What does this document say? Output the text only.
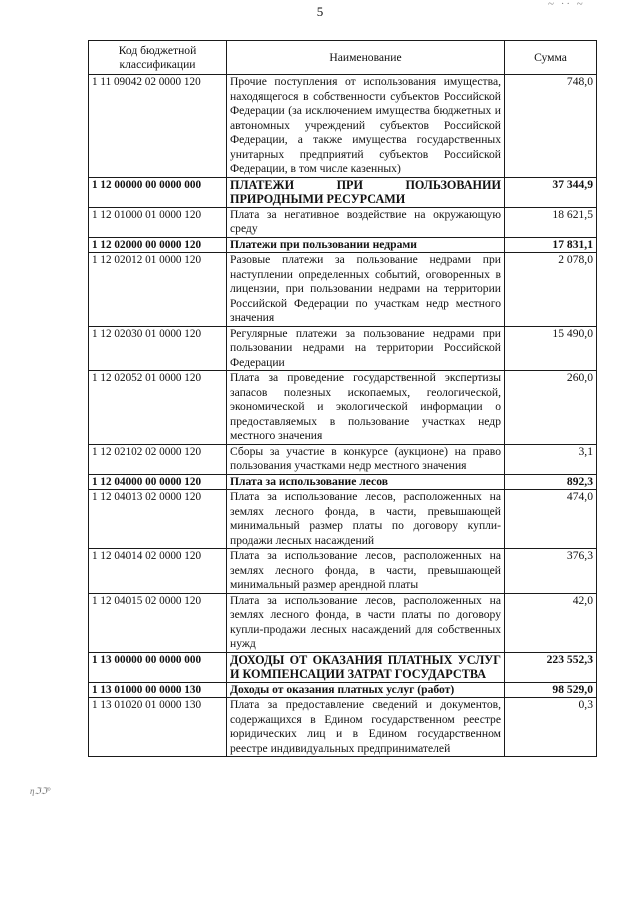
~ ·· ~
5
ηℑℑ°
Код бюджетной классификации	Наименование	Сумма
1 11 09042 02 0000 120	Прочие поступления от использования имущества, находящегося в собственности субъектов Российской Федерации (за исключением имущества бюджетных и автономных учреждений субъектов Российской Федерации, а также имущества государственных унитарных предприятий субъектов Российской Федерации, в том числе казенных)	748,0
1 12 00000 00 0000 000	ПЛАТЕЖИ ПРИ ПОЛЬЗОВАНИИ ПРИРОДНЫМИ РЕСУРСАМИ	37 344,9
1 12 01000 01 0000 120	Плата за негативное воздействие на окружающую среду	18 621,5
1 12 02000 00 0000 120	Платежи при пользовании недрами	17 831,1
1 12 02012 01 0000 120	Разовые платежи за пользование недрами при наступлении определенных событий, оговоренных в лицензии, при пользовании недрами на территории Российской Федерации по участкам недр местного значения	2 078,0
1 12 02030 01 0000 120	Регулярные платежи за пользование недрами при пользовании недрами на территории Российской Федерации	15 490,0
1 12 02052 01 0000 120	Плата за проведение государственной экспертизы запасов полезных ископаемых, геологической, экономической и экологической информации о предоставляемых в пользование участках недр местного значения	260,0
1 12 02102 02 0000 120	Сборы за участие в конкурсе (аукционе) на право пользования участками недр местного значения	3,1
1 12 04000 00 0000 120	Плата за использование лесов	892,3
1 12 04013 02 0000 120	Плата за использование лесов, расположенных на землях лесного фонда, в части, превышающей минимальный размер платы по договору купли-продажи лесных насаждений	474,0
1 12 04014 02 0000 120	Плата за использование лесов, расположенных на землях лесного фонда, в части, превышающей минимальный размер арендной платы	376,3
1 12 04015 02 0000 120	Плата за использование лесов, расположенных на землях лесного фонда, в части платы по договору купли-продажи лесных насаждений для собственных нужд	42,0
1 13 00000 00 0000 000	ДОХОДЫ ОТ ОКАЗАНИЯ ПЛАТНЫХ УСЛУГ И КОМПЕНСАЦИИ ЗАТРАТ ГОСУДАРСТВА	223 552,3
1 13 01000 00 0000 130	Доходы от оказания платных услуг (работ)	98 529,0
1 13 01020 01 0000 130	Плата за предоставление сведений и документов, содержащихся в Едином государственном реестре юридических лиц и в Едином государственном реестре индивидуальных предпринимателей	0,3
